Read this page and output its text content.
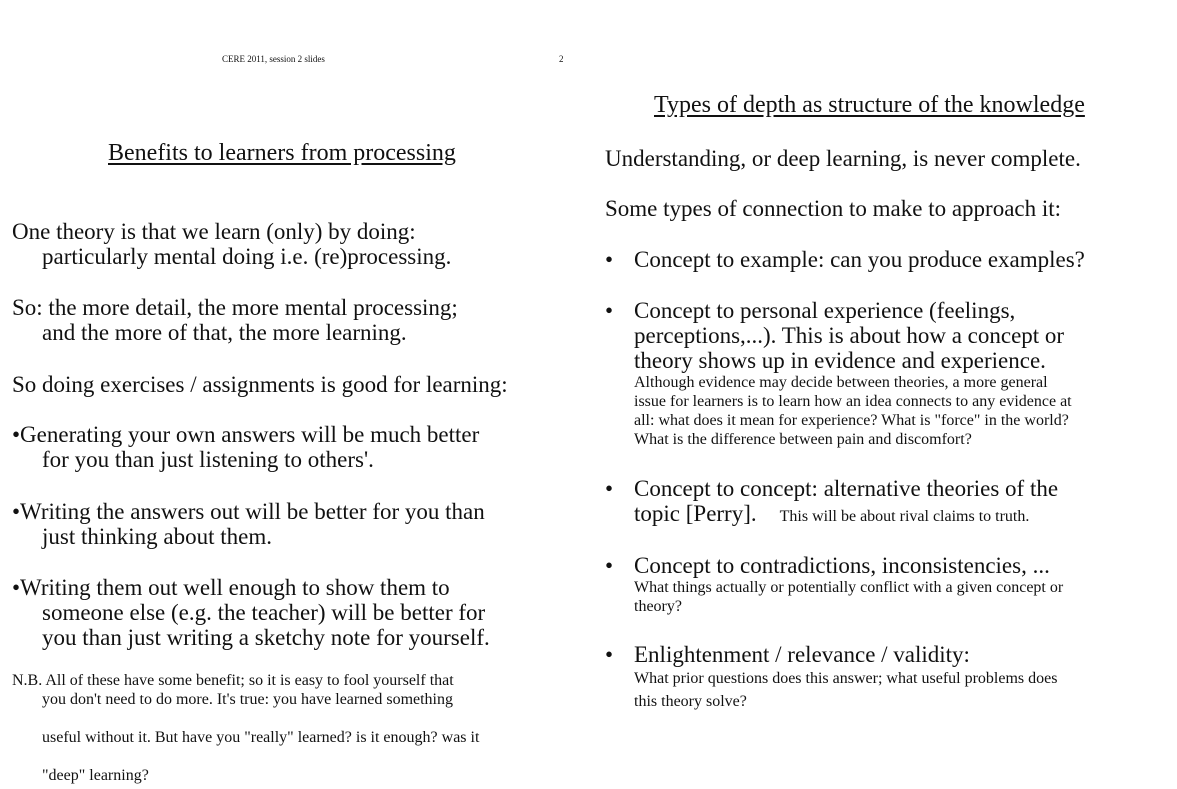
CERE 2011, session 2 slides	2
Benefits to learners from processing

One theory is that we learn (only) by doing:
particularly mental doing i.e. (re)processing.

So: the more detail, the more mental processing;
and the more of that, the more learning.

So doing exercises / assignments is good for learning:

•Generating your own answers will be much better
for you than just listening to others'.

•Writing the answers out will be better for you than
just thinking about them.

•Writing them out well enough to show them to
someone else (e.g. the teacher) will be better for
you than just writing a sketchy note for yourself.

N.B. All of these have some benefit; so it is easy to fool yourself that

you don't need to do more. It's true: you have learned something

useful without it. But have you "really" learned? is it enough? was it

"deep" learning?

Types of depth as structure of the knowledge

Understanding, or deep learning, is never complete.

Some types of connection to make to approach it:

• Concept to example: can you produce examples?
• Concept to personal experience (feelings,
perceptions,...). This is about how a concept or
theory shows up in evidence and experience.
Although evidence may decide between theories, a more general
issue for learners is to learn how an idea connects to any evidence at
all: what does it mean for experience? What is "force" in the world?
What is the difference between pain and discomfort?
• Concept to concept: alternative theories of the
topic [Perry]. This will be about rival claims to truth.
• Concept to contradictions, inconsistencies, ...
What things actually or potentially conflict with a given concept or
theory?
• Enlightenment / relevance / validity:
What prior questions does this answer; what useful problems does
this theory solve?
